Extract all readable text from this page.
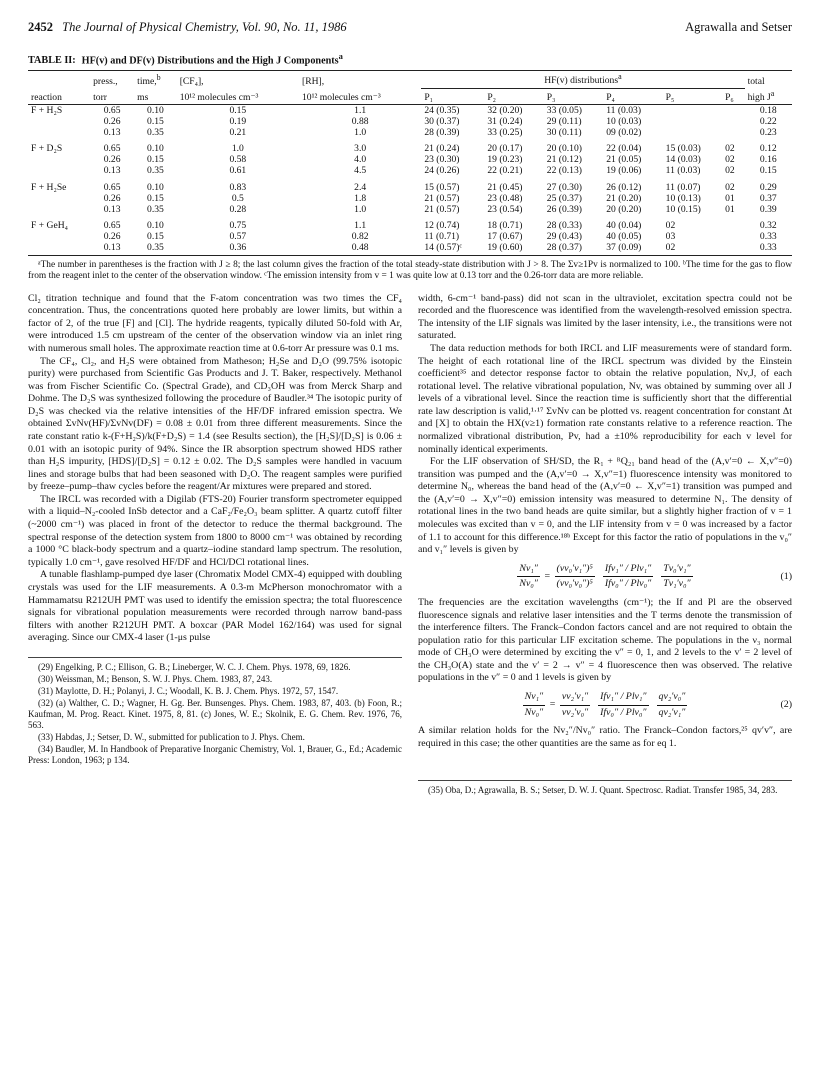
2452 The Journal of Physical Chemistry, Vol. 90, No. 11, 1986	Agrawalla and Setser
TABLE II: HF(v) and DF(v) Distributions and the High J Components$^a$
	press.,	time,$^b$	[CF₄],	[RH],	HF(v) distributions$^a$						total
reaction	torr	ms	10¹² molecules cm⁻³	10¹² molecules cm⁻³	P₁	P₂	P₃	P₄	P₅	P₆	high $J^a$
F + H₂S	0.65	0.10	0.15	1.1	24 (0.35)	32 (0.20)	33 (0.05)	11 (0.03)			0.18
	0.26	0.15	0.19	0.88	30 (0.37)	31 (0.24)	29 (0.11)	10 (0.03)			0.22
	0.13	0.35	0.21	1.0	28 (0.39)	33 (0.25)	30 (0.11)	09 (0.02)			0.23
F + D₂S	0.65	0.10	1.0	3.0	21 (0.24)	20 (0.17)	20 (0.10)	22 (0.04)	15 (0.03)	02	0.12
	0.26	0.15	0.58	4.0	23 (0.30)	19 (0.23)	21 (0.12)	21 (0.05)	14 (0.03)	02	0.16
	0.13	0.35	0.61	4.5	24 (0.26)	22 (0.21)	22 (0.13)	19 (0.06)	11 (0.03)	02	0.15
F + H₂Se	0.65	0.10	0.83	2.4	15 (0.57)	21 (0.45)	27 (0.30)	26 (0.12)	11 (0.07)	02	0.29
	0.26	0.15	0.5	1.8	21 (0.57)	23 (0.48)	25 (0.37)	21 (0.20)	10 (0.13)	01	0.37
	0.13	0.35	0.28	1.0	21 (0.57)	23 (0.54)	26 (0.39)	20 (0.20)	10 (0.15)	01	0.39
F + GeH₄	0.65	0.10	0.75	1.1	12 (0.74)	18 (0.71)	28 (0.33)	40 (0.04)	02		0.32
	0.26	0.15	0.57	0.82	11 (0.71)	17 (0.67)	29 (0.43)	40 (0.05)	03		0.33
	0.13	0.35	0.36	0.48	14 (0.57)ᶜ	19 (0.60)	28 (0.37)	37 (0.09)	02		0.33

ᵃThe number in parentheses is the fraction with J ≥ 8; the last column gives the fraction of the total steady-state distribution with J > 8. The Σv≥1Pv is normalized to 100. ᵇThe time for the gas to flow from the reagent inlet to the center of the observation window. ᶜThe emission intensity from v = 1 was quite low at 0.13 torr and the 0.26-torr data are more reliable.

Cl₂ titration technique and found that the F-atom concentration was two times the CF₄ concentration. Thus, the concentrations quoted here probably are lower limits, but within a factor of 2, of the true [F] and [Cl]. The hydride reagents, typically diluted 50-fold with Ar, were introduced 1.5 cm upstream of the center of the observation window via an inlet ring with numerous small holes. The approximate reaction time at 0.6-torr Ar pressure was 0.1 ms.

The CF₄, Cl₂, and H₂S were obtained from Matheson; H₂Se and D₂O (99.75% isotopic purity) were purchased from Scientific Gas Products and J. T. Baker, respectively. Methanol was from Fischer Scientific Co. (Spectral Grade), and CD₃OH was from Merck Sharp and Dohme. The D₂S was synthesized following the procedure of Baudler.³⁴ The isotopic purity of D₂S was checked via the relative intensities of the HF/DF infrared emission spectra. We obtained ΣvNv(HF)/ΣvNv(DF) = 0.08 ± 0.01 from three different measurements. Since the rate constant ratio k-(F+H₂S)/k(F+D₂S) = 1.4 (see Results section), the [H₂S]/[D₂S] is 0.06 ± 0.01 with an isotopic purity of 94%. Since the IR absorption spectrum showed HDS rather than H₂S impurity, [HDS]/[D₂S] = 0.12 ± 0.02. The D₂S samples were handled in vacuum lines and storage bulbs that had been seasoned with D₂O. The reagent samples were purified by freeze–pump–thaw cycles before the reagent/Ar mixtures were prepared and stored.

The IRCL was recorded with a Digilab (FTS-20) Fourier transform spectrometer equipped with a liquid–N₂-cooled InSb detector and a CaF₂/Fe₂O₃ beam splitter. A quartz cutoff filter (~2000 cm⁻¹) was placed in front of the detector to reduce the thermal background. The spectral response of the detection system from 1800 to 8000 cm⁻¹ was obtained by recording a 1000 °C black-body spectrum and a quartz–iodine standard lamp spectrum. The resolution, typically 1.0 cm⁻¹, gave resolved HF/DF and HCl/DCl rotational lines.

A tunable flashlamp-pumped dye laser (Chromatix Model CMX-4) equipped with doubling crystals was used for the LIF measurements. A 0.3-m McPherson monochromator with a Hammamatsu R212UH PMT was used to identify the emission spectra; the total fluorescence signals for vibrational population measurements were recorded through narrow band-pass filters with another R212UH PMT. A boxcar (PAR Model 162/164) was used for signal averaging. Since our CMX-4 laser (1-μs pulse

(29) Engelking, P. C.; Ellison, G. B.; Lineberger, W. C. J. Chem. Phys. 1978, 69, 1826.

(30) Weissman, M.; Benson, S. W. J. Phys. Chem. 1983, 87, 243.

(31) Maylotte, D. H.; Polanyi, J. C.; Woodall, K. B. J. Chem. Phys. 1972, 57, 1547.

(32) (a) Walther, C. D.; Wagner, H. Gg. Ber. Bunsenges. Phys. Chem. 1983, 87, 403. (b) Foon, R.; Kaufman, M. Prog. React. Kinet. 1975, 8, 81. (c) Jones, W. E.; Skolnik, E. G. Chem. Rev. 1976, 76, 563.

(33) Habdas, J.; Setser, D. W., submitted for publication to J. Phys. Chem.

(34) Baudler, M. In Handbook of Preparative Inorganic Chemistry, Vol. 1, Brauer, G., Ed.; Academic Press: London, 1963; p 134.

width, 6-cm⁻¹ band-pass) did not scan in the ultraviolet, excitation spectra could not be recorded and the fluorescence was identified from the wavelength-resolved emission spectra. The intensity of the LIF signals was limited by the laser intensity, i.e., the transitions were not saturated.

The data reduction methods for both IRCL and LIF measurements were of standard form. The height of each rotational line of the IRCL spectrum was divided by the Einstein coefficient³⁵ and detector response factor to obtain the relative population, Nv,J, of each rotational level. The relative vibrational population, Nv, was obtained by summing over all J levels of a vibrational level. Since the reaction time is sufficiently short that the differential rate law description is valid,¹·¹⁷ ΣvNv can be plotted vs. reagent concentration for constant Δt and [X] to obtain the HX(v≥1) formation rate constants relative to a reference reaction. The normalized vibrational distribution, Pv, had a ±10% reproducibility for each v level for nominally identical experiments.

For the LIF observation of SH/SD, the R₁ + ᴿQ₂₁ band head of the (A,v′=0 ← X,v″=0) transition was pumped and the (A,v′=0 → X,v″=1) fluorescence intensity was monitored to determine N₀, whereas the band head of the (A,v′=0 ← X,v″=1) transition was pumped and the (A,v′=0 → X,v″=0) emission intensity was measured to determine N₁. The density of rotational lines in the two band heads are quite similar, but a slightly higher fraction of v = 1 molecules was excited than v = 0, and the LIF intensity from v = 0 was increased by a factor of 1.1 to account for this difference.¹⁸ᵇ Except for this factor the ratio of populations in the v₀″ and v₁″ levels is given by

$\frac{\text{Nv₁″}}{\text{Nv₀″}} = \frac{\text{(νv₀′v₁″)⁵}}{\text{(νv₀′v₀″)⁵}} \frac{\text{Ifv₁″ / Plv₁″}}{\text{Ifv₀″ / Plv₀″}} \frac{\text{Tv₀′v₁″}}{\text{Tv₁′v₀″}}$	(1)

The frequencies are the excitation wavelengths (cm⁻¹); the If and Pl are the observed fluorescence signals and relative laser intensities and the T terms denote the transmission of the interference filters. The Franck–Condon factors cancel and are not required to obtain the population ratio for this particular LIF excitation scheme. The populations in the ν₃ normal mode of CH₃O were determined by exciting the v″ = 0, 1, and 2 levels to the v′ = 2 level of the CH₃O(A) state and the v′ = 2 → v″ = 4 fluorescence then was observed. The relative populations in the v″ = 0 and 1 levels is given by

$\frac{\text{Nv₁″}}{\text{Nv₀″}} = \frac{\text{νv₂′v₁″}}{\text{νv₂′v₀″}} \frac{\text{Ifv₁″ / Plv₁″}}{\text{Ifv₀″ / Plv₀″}} \frac{\text{qv₂′v₀″}}{\text{qv₂′v₁″}}$	(2)

A similar relation holds for the Nv₂″/Nv₀″ ratio. The Franck–Condon factors,²⁵ qv′v″, are required in this case; the other quantities are the same as for eq 1.

(35) Oba, D.; Agrawalla, B. S.; Setser, D. W. J. Quant. Spectrosc. Radiat. Transfer 1985, 34, 283.
